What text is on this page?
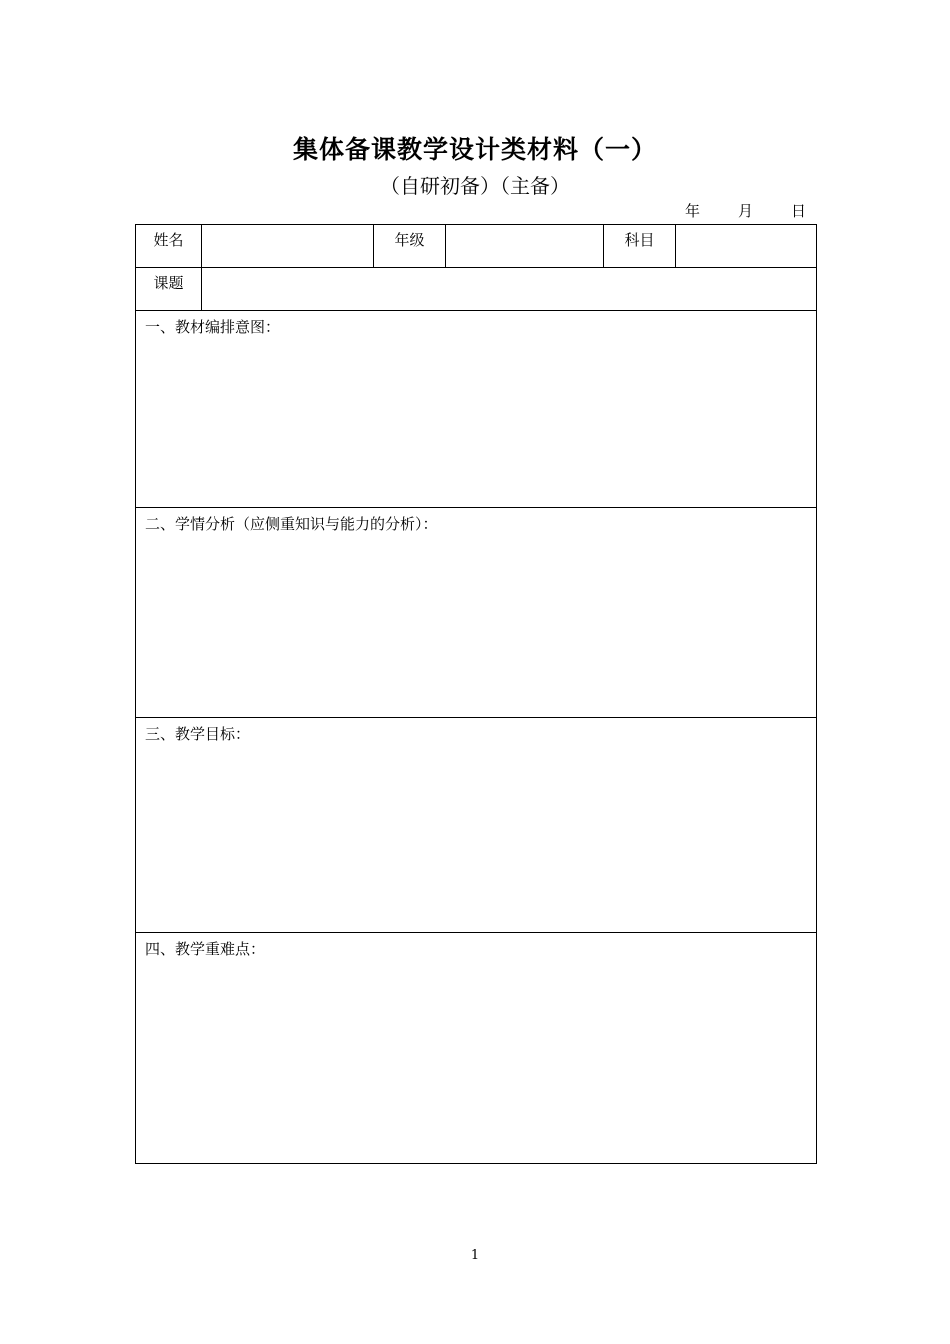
集体备课教学设计类材料（一）
（自研初备）（主备）
年	月	日
姓名		年级		科目	
课题					
一、教材编排意图：					
二、学情分析（应侧重知识与能力的分析）：					
三、教学目标：					
四、教学重难点：					
1
